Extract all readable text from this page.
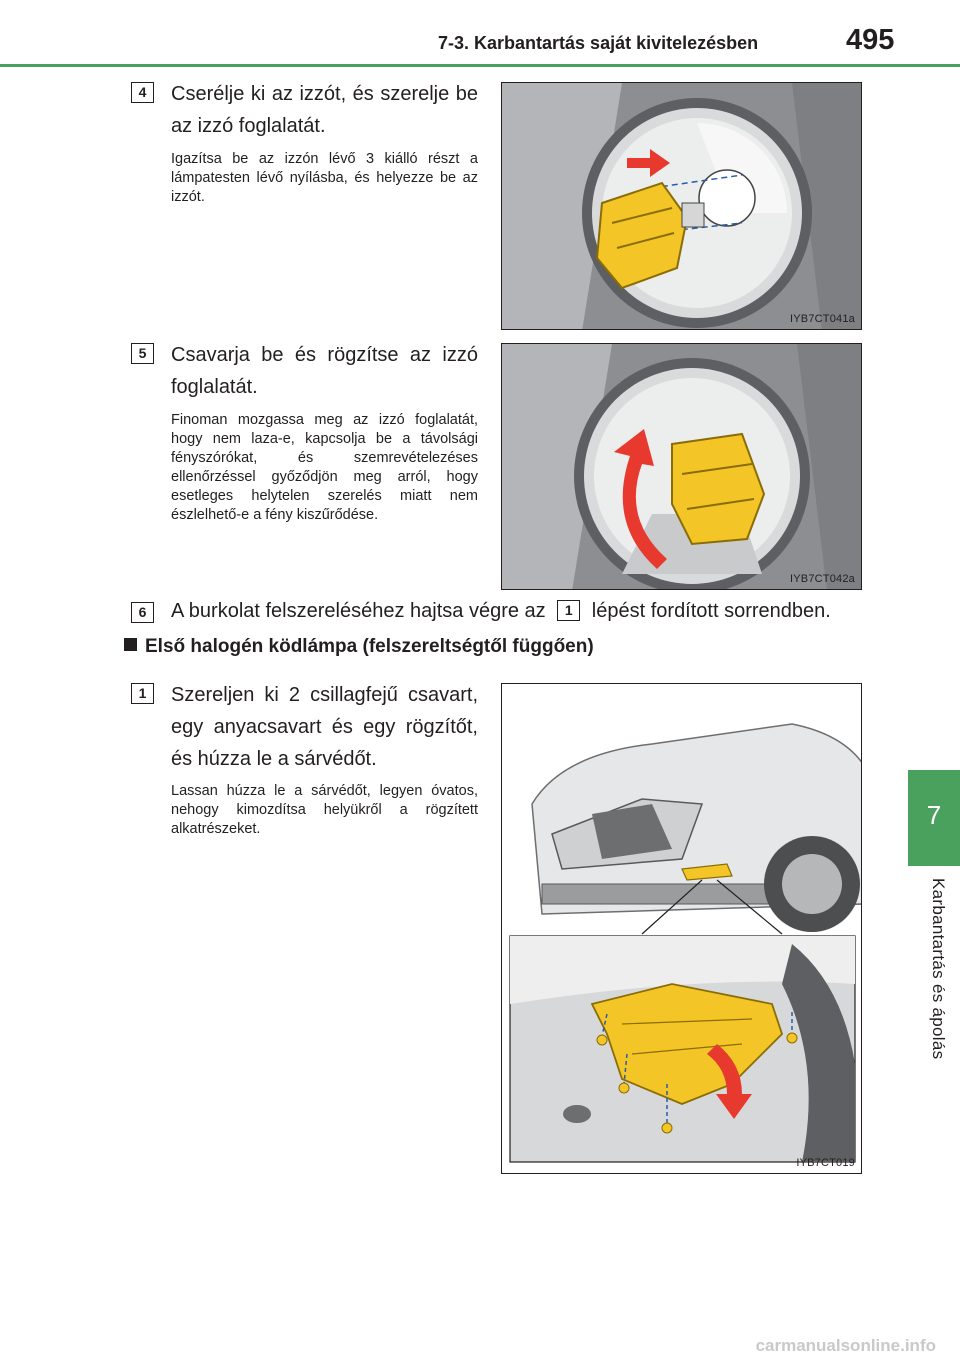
7-3. Karbantartás saját kivitelezésben	495
7
Karbantartás és ápolás
4	Cserélje ki az izzót, és szerelje be az izzó foglalatát.
Igazítsa be az izzón lévő 3 kiálló részt a lámpatesten lévő nyílásba, és helyezze be az izzót.
IYB7CT041a
5	Csavarja be és rögzítse az izzó foglalatát.
Finoman mozgassa meg az izzó foglalatát, hogy nem laza-e, kapcsolja be a távolsági fényszórókat, és szemrevételezéses ellenőrzéssel győződjön meg arról, hogy esetleges helytelen szerelés miatt nem észlelhető-e a fény kiszűrődése.
IYB7CT042a
6	A burkolat felszereléséhez hajtsa végre az 1 lépést fordított sorrendben.
Első halogén ködlámpa (felszereltségtől függően)
1	Szereljen ki 2 csillagfejű csavart, egy anyacsavart és egy rögzítőt, és húzza le a sárvédőt.
Lassan húzza le a sárvédőt, legyen óvatos, nehogy kimozdítsa helyükről a rögzített alkatrészeket.
IYB7CT019
carmanualsonline.info
